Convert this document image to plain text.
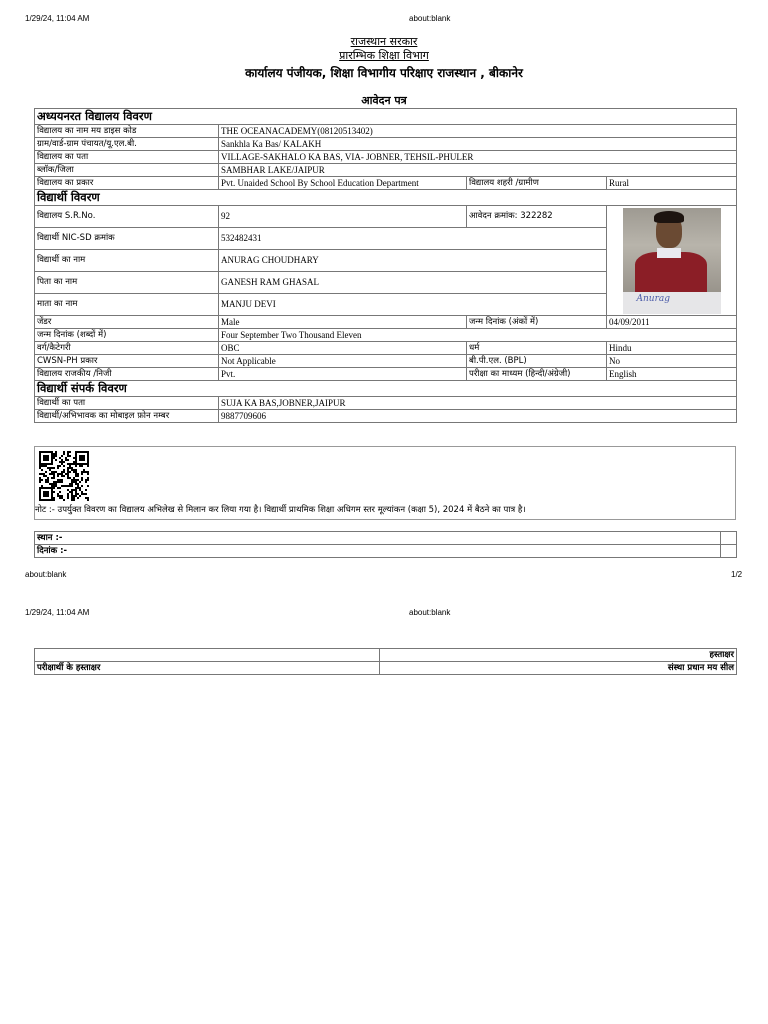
1/29/24, 11:04 AM	about:blank
राजस्थान सरकार
प्रारम्भिक शिक्षा विभाग
कार्यालय पंजीयक, शिक्षा विभागीय परिक्षाए राजस्थान , बीकानेर
आवेदन पत्र
अध्ययनरत विद्यालय विवरण			
विद्यालय का नाम मय डाइस कोड	THE OCEANACADEMY(08120513402)		
ग्राम/वार्ड-ग्राम पंचायत/यू.एल.बी.	Sankhla Ka Bas/ KALAKH		
विद्यालय का पता	VILLAGE-SAKHALO KA BAS, VIA- JOBNER, TEHSIL-PHULER		
ब्लॉक/जिला	SAMBHAR LAKE/JAIPUR		
विद्यालय का प्रकार	Pvt. Unaided School By School Education Department	विद्यालय शहरी /ग्रामीण	Rural
विद्यार्थी विवरण			
विद्यालय S.R.No.	92	आवेदन क्रमांक: 322282	Anurag

विद्यार्थी NIC-SD क्रमांक	532482431		
विद्यार्थी का नाम	ANURAG CHOUDHARY		
पिता का नाम	GANESH RAM GHASAL		
माता का नाम	MANJU DEVI		
जेंडर	Male	जन्म दिनांक (अंकों में)	04/09/2011
जन्म दिनांक (शब्दों में)	Four September Two Thousand Eleven		
वर्ग/कैटेगरी	OBC	धर्म	Hindu
CWSN-PH प्रकार	Not Applicable	बी.पी.एल. (BPL)	No
विद्यालय राजकीय /निजी	Pvt.	परीक्षा का माध्यम (हिन्दी/अंग्रेजी)	English
विद्यार्थी संपर्क विवरण			
विद्यार्थी का पता	SUJA KA BAS,JOBNER,JAIPUR		
विद्यार्थी/अभिभावक का मोबाइल फ़ोन नम्बर	9887709606		
नोट :- उपर्युक्त विवरण का विद्यालय अभिलेख से मिलान कर लिया गया है। विद्यार्थी प्राथमिक शिक्षा अधिगम स्तर मूल्यांकन (कक्षा 5), 2024 में बैठने का पात्र है।
स्थान :-	
दिनांक :-	
about:blank	1/2
1/29/24, 11:04 AM	about:blank
	हस्ताक्षर
परीक्षार्थी के हस्ताक्षर	संस्था प्रधान मय सील
